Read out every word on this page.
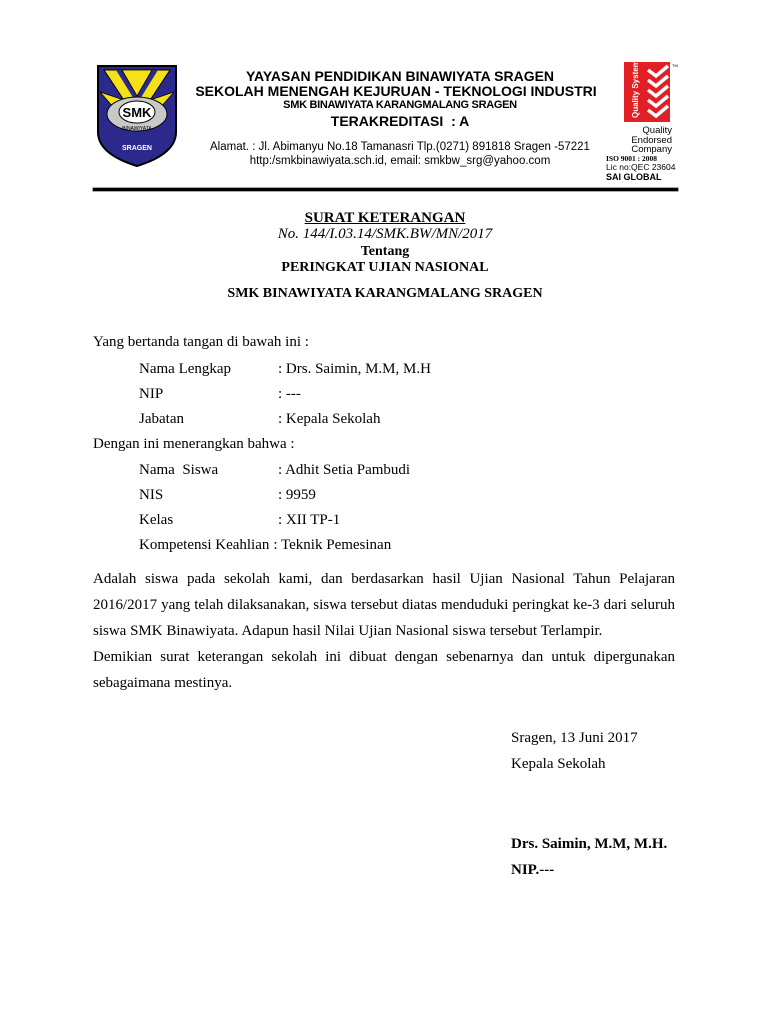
SMK
BINAWIYATA
SRAGEN
YAYASAN PENDIDIKAN BINAWIYATA SRAGEN
SEKOLAH MENENGAH KEJURUAN - TEKNOLOGI INDUSTRI
SMK BINAWIYATA KARANGMALANG SRAGEN
TERAKREDITASI  : A
Alamat. : Jl. Abimanyu No.18 Tamanasri Tlp.(0271) 891818 Sragen -57221
http:/smkbinawiyata.sch.id, email: smkbw_srg@yahoo.com
Quality System	TM
Quality
Endorsed
Company
ISO 9001 : 2008
Lic no:QEC 23604
SAI GLOBAL
SURAT KETERANGAN
No. 144/I.03.14/SMK.BW/MN/2017
Tentang
PERINGKAT UJIAN NASIONAL
SMK BINAWIYATA KARANGMALANG SRAGEN
Yang bertanda tangan di bawah ini :
Nama Lengkap	: Drs. Saimin, M.M, M.H
NIP	: ---
Jabatan	: Kepala Sekolah
Dengan ini menerangkan bahwa :
Nama  Siswa	: Adhit Setia Pambudi
NIS	: 9959
Kelas	: XII TP-1
Kompetensi Keahlian : Teknik Pemesinan
Adalah siswa pada sekolah kami, dan berdasarkan hasil Ujian Nasional Tahun Pelajaran 2016/2017 yang telah dilaksanakan, siswa tersebut diatas menduduki peringkat ke-3 dari seluruh siswa SMK Binawiyata. Adapun hasil Nilai Ujian Nasional siswa tersebut Terlampir.
Demikian surat keterangan sekolah ini dibuat dengan sebenarnya dan untuk dipergunakan sebagaimana mestinya.
Sragen, 13 Juni 2017
Kepala Sekolah
Drs. Saimin, M.M, M.H.
NIP.---
